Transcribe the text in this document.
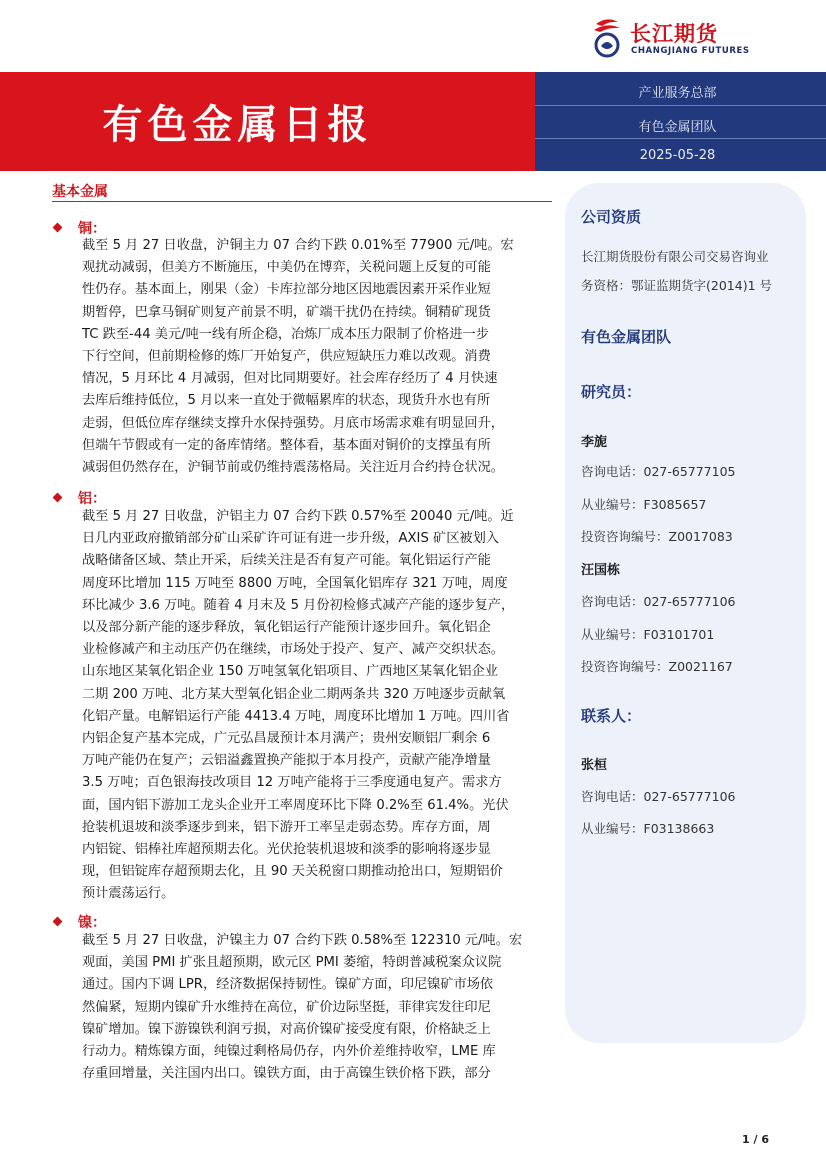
长江期货
CHANGJIANG FUTURES
有色金属日报
产业服务总部
有色金属团队
2025-05-28
基本金属
铜：
截至 5 月 27 日收盘，沪铜主力 07 合约下跌 0.01%至 77900 元/吨。宏
观扰动减弱，但美方不断施压，中美仍在博弈，关税问题上反复的可能
性仍存。基本面上，刚果（金）卡库拉部分地区因地震因素开采作业短
期暂停，巴拿马铜矿则复产前景不明，矿端干扰仍在持续。铜精矿现货
TC 跌至-44 美元/吨一线有所企稳，冶炼厂成本压力限制了价格进一步
下行空间，但前期检修的炼厂开始复产，供应短缺压力难以改观。消费
情况，5 月环比 4 月减弱，但对比同期要好。社会库存经历了 4 月快速
去库后维持低位，5 月以来一直处于微幅累库的状态，现货升水也有所
走弱，但低位库存继续支撑升水保持强势。月底市场需求难有明显回升，
但端午节假或有一定的备库情绪。整体看，基本面对铜价的支撑虽有所
减弱但仍然存在，沪铜节前或仍维持震荡格局。关注近月合约持仓状况。
铝：
截至 5 月 27 日收盘，沪铝主力 07 合约下跌 0.57%至 20040 元/吨。近
日几内亚政府撤销部分矿山采矿许可证有进一步升级，AXIS 矿区被划入
战略储备区域、禁止开采，后续关注是否有复产可能。氧化铝运行产能
周度环比增加 115 万吨至 8800 万吨，全国氧化铝库存 321 万吨，周度
环比减少 3.6 万吨。随着 4 月末及 5 月份初检修式减产产能的逐步复产，
以及部分新产能的逐步释放，氧化铝运行产能预计逐步回升。氧化铝企
业检修减产和主动压产仍在继续，市场处于投产、复产、减产交织状态。
山东地区某氧化铝企业 150 万吨氢氧化铝项目、广西地区某氧化铝企业
二期 200 万吨、北方某大型氧化铝企业二期两条共 320 万吨逐步贡献氧
化铝产量。电解铝运行产能 4413.4 万吨，周度环比增加 1 万吨。四川省
内铝企复产基本完成，广元弘昌晟预计本月满产；贵州安顺铝厂剩余 6
万吨产能仍在复产；云铝溢鑫置换产能拟于本月投产，贡献产能净增量
3.5 万吨；百色银海技改项目 12 万吨产能将于三季度通电复产。需求方
面，国内铝下游加工龙头企业开工率周度环比下降 0.2%至 61.4%。光伏
抢装机退坡和淡季逐步到来，铝下游开工率呈走弱态势。库存方面，周
内铝锭、铝棒社库超预期去化。光伏抢装机退坡和淡季的影响将逐步显
现，但铝锭库存超预期去化，且 90 天关税窗口期推动抢出口，短期铝价
预计震荡运行。
镍：
截至 5 月 27 日收盘，沪镍主力 07 合约下跌 0.58%至 122310 元/吨。宏
观面，美国 PMI 扩张且超预期，欧元区 PMI 萎缩，特朗普减税案众议院
通过。国内下调 LPR，经济数据保持韧性。镍矿方面，印尼镍矿市场依
然偏紧，短期内镍矿升水维持在高位，矿价边际坚挺，菲律宾发往印尼
镍矿增加。镍下游镍铁利润亏损，对高价镍矿接受度有限，价格缺乏上
行动力。精炼镍方面，纯镍过剩格局仍存，内外价差维持收窄，LME 库
存重回增量，关注国内出口。镍铁方面，由于高镍生铁价格下跌，部分
公司资质
长江期货股份有限公司交易咨询业
务资格：鄂证监期货字(2014)1 号
有色金属团队
研究员：
李旎
咨询电话：027-65777105
从业编号：F3085657
投资咨询编号：Z0017083
汪国栋
咨询电话：027-65777106
从业编号：F03101701
投资咨询编号：Z0021167
联系人：
张桓
咨询电话：027-65777106
从业编号：F03138663
1 / 6
